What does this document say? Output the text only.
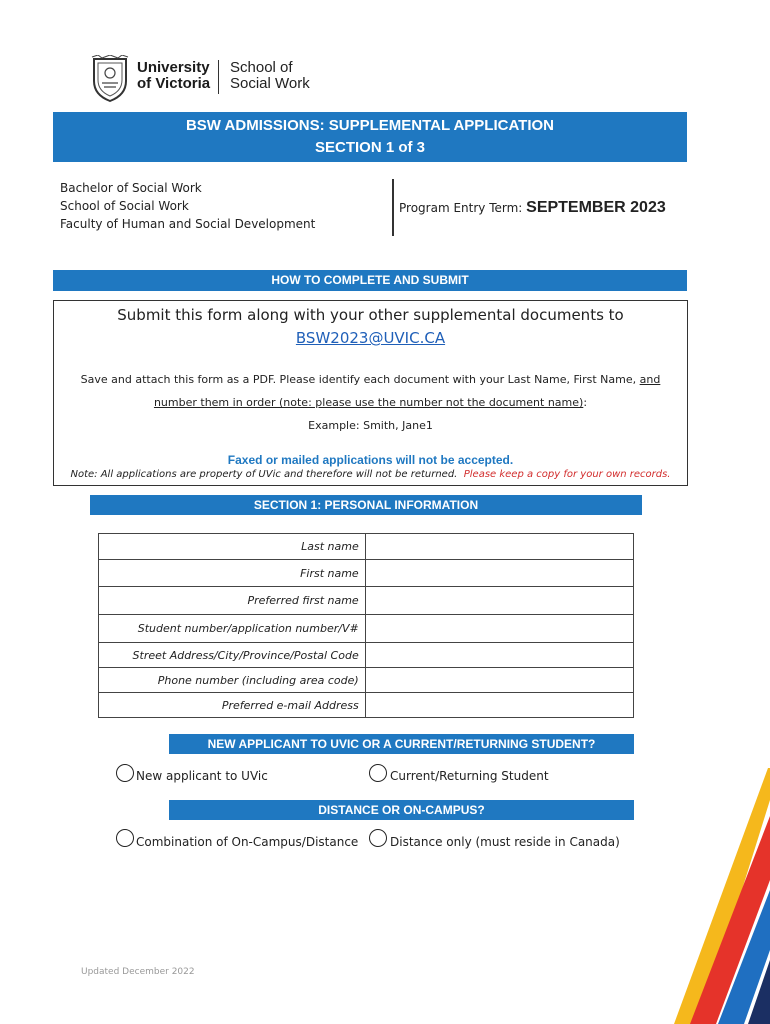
University
of Victoria
School of
Social Work
BSW ADMISSIONS: SUPPLEMENTAL APPLICATION
SECTION 1 of 3
Bachelor of Social Work
School of Social Work
Faculty of Human and Social Development
Program Entry Term: SEPTEMBER 2023
HOW TO COMPLETE AND SUBMIT
Submit this form along with your other supplemental documents to
BSW2023@UVIC.CA
Save and attach this form as a PDF. Please identify each document with your Last Name, First Name, and
number them in order (note: please use the number not the document name):
Example: Smith, Jane1
Faxed or mailed applications will not be accepted.
Note: All applications are property of UVic and therefore will not be returned. Please keep a copy for your own records.
SECTION 1: PERSONAL INFORMATION
Last name	
First name	
Preferred first name	
Student number/application number/V#	
Street Address/City/Province/Postal Code	
Phone number (including area code)	
Preferred e-mail Address	
NEW APPLICANT TO UVIC OR A CURRENT/RETURNING STUDENT?
New applicant to UVic	Current/Returning Student
DISTANCE OR ON-CAMPUS?
Combination of On-Campus/Distance	Distance only (must reside in Canada)
Updated December 2022
